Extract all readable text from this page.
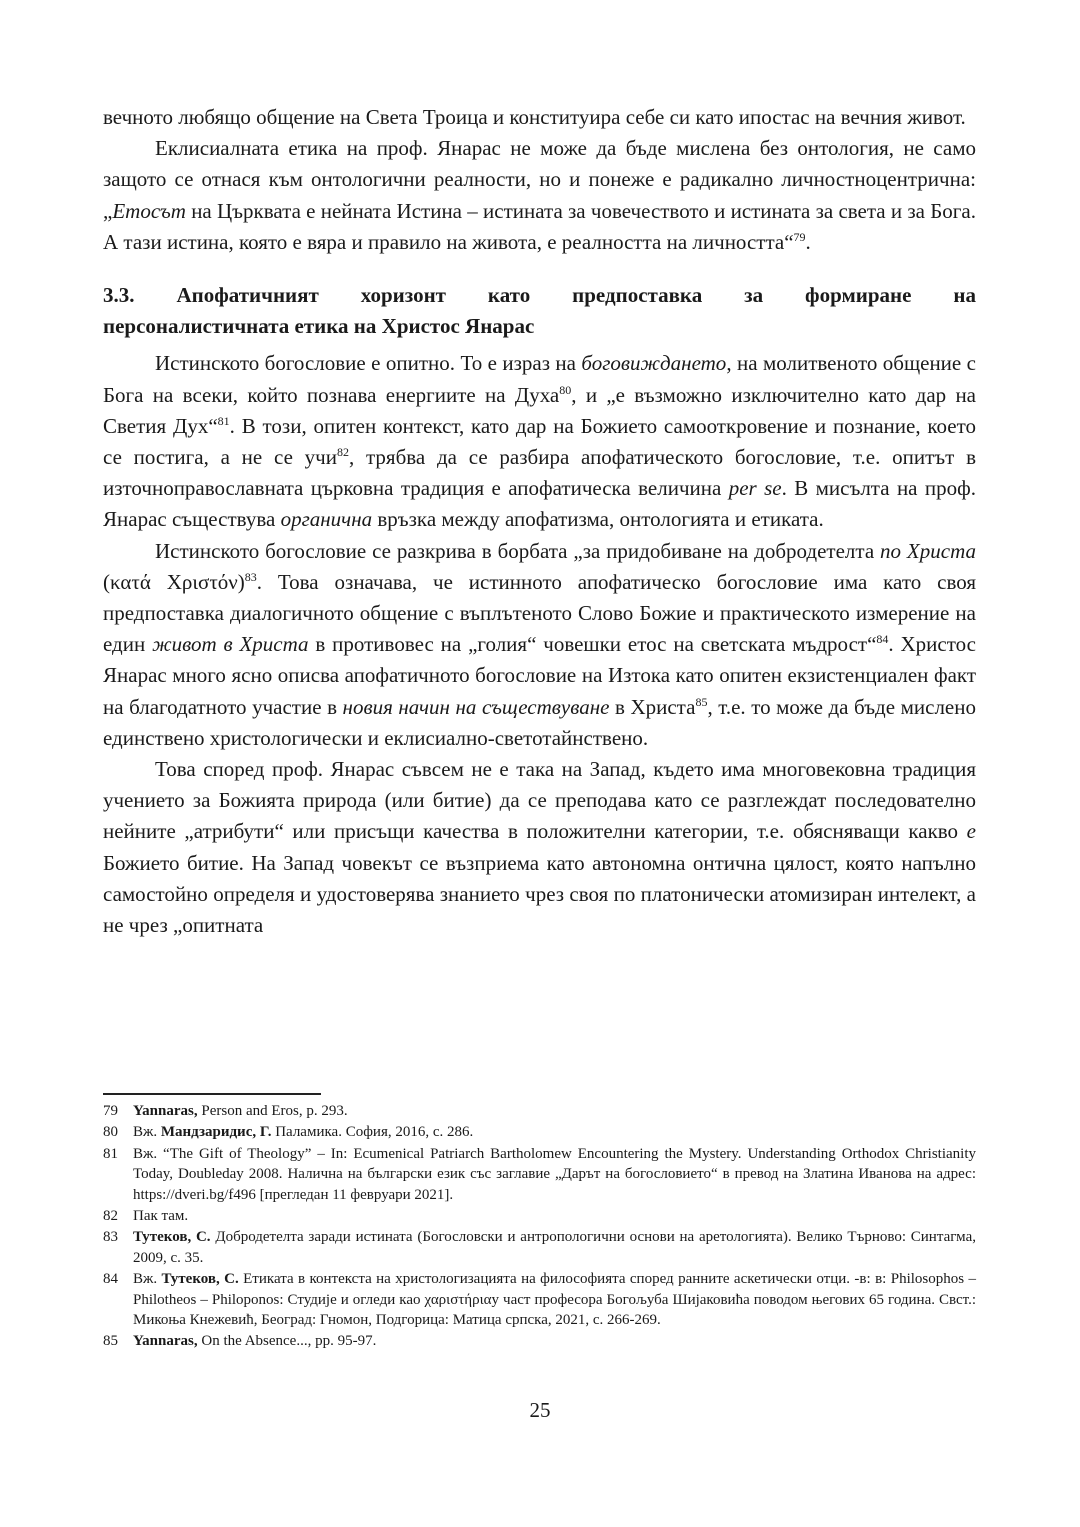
вечното любящо общение на Света Троица и конституира себе си като ипостас на вечния живот.

Еклисиалната етика на проф. Янарас не може да бъде мислена без онтология, не само защото се отнася към онтологични реалности, но и понеже е радикално личностноцентрична: „Етосът на Църквата е нейната Истина – истината за човечеството и истината за света и за Бога. А тази истина, която е вяра и правило на живота, е реалността на личността“$^{79}$.

3.3. Апофатичният хоризонт като предпоставка за формиране на
персоналистичната етика на Христос Янарас

Истинското богословие е опитно. То е израз на боговиждането, на молитвеното общение с Бога на всеки, който познава енергиите на Духа$^{80}$, и „е възможно изключително като дар на Светия Дух“$^{81}$. В този, опитен контекст, като дар на Божието самооткровение и познание, което се постига, а не се учи$^{82}$, трябва да се разбира апофатическото богословие, т.е. опитът в източноправославната църковна традиция е апофатическа величина per se. В мисълта на проф. Янарас съществува органична връзка между апофатизма, онтологията и етиката.

Истинското богословие се разкрива в борбата „за придобиване на добродетелта по Христа (κατά Χριστόν)$^{83}$. Това означава, че истинното апофатическо богословие има като своя предпоставка диалогичното общение с въплътеното Слово Божие и практическото измерение на един живот в Христа в противовес на „голия“ човешки етос на светската мъдрост“$^{84}$. Христос Янарас много ясно описва апофатичното богословие на Изтока като опитен екзистенциален факт на благодатното участие в новия начин на съществуване в Христа$^{85}$, т.е. то може да бъде мислено единствено христологически и еклисиално-светотайнствено.

Това според проф. Янарас съвсем не е така на Запад, където има многовековна традиция учението за Божията природа (или битие) да се преподава като се разглеждат последователно нейните „атрибути“ или присъщи качества в положителни категории, т.е. обясняващи какво е Божието битие. На Запад човекът се възприема като автономна онтична цялост, която напълно самостойно определя и удостоверява знанието чрез своя по платонически атомизиран интелект, а не чрез „опитната

79	Yannaras, Person and Eros, p. 293.
80	Вж. Мандзаридис, Г. Паламика. София, 2016, с. 286.
81	Вж. “The Gift of Theology” – In: Ecumenical Patriarch Bartholomew Encountering the Mystery. Understanding Orthodox Christianity Today, Doubleday 2008. Налична на български език със заглавие „Дарът на богословието“ в превод на Златина Иванова на адрес: https://dveri.bg/f496 [прегледан 11 февруари 2021].
82	Пак там.
83	Тутеков, С. Добродетелта заради истината (Богословски и антропологични основи на аретологията). Велико Търново: Синтагма, 2009, с. 35.
84	Вж. Тутеков, С. Етиката в контекста на христологизацията на философията според ранните аскетически отци. -в: в: Philosophos – Philotheos – Philoponos: Студије и огледи као χαριστήριαу част професора Богољуба Шијаковића поводом његових 65 година. Свст.: Микоња Кнежевић, Београд: Гномон, Подгорица: Матица српска, 2021, с. 266-269.
85	Yannaras, On the Absence..., pp. 95-97.
25
